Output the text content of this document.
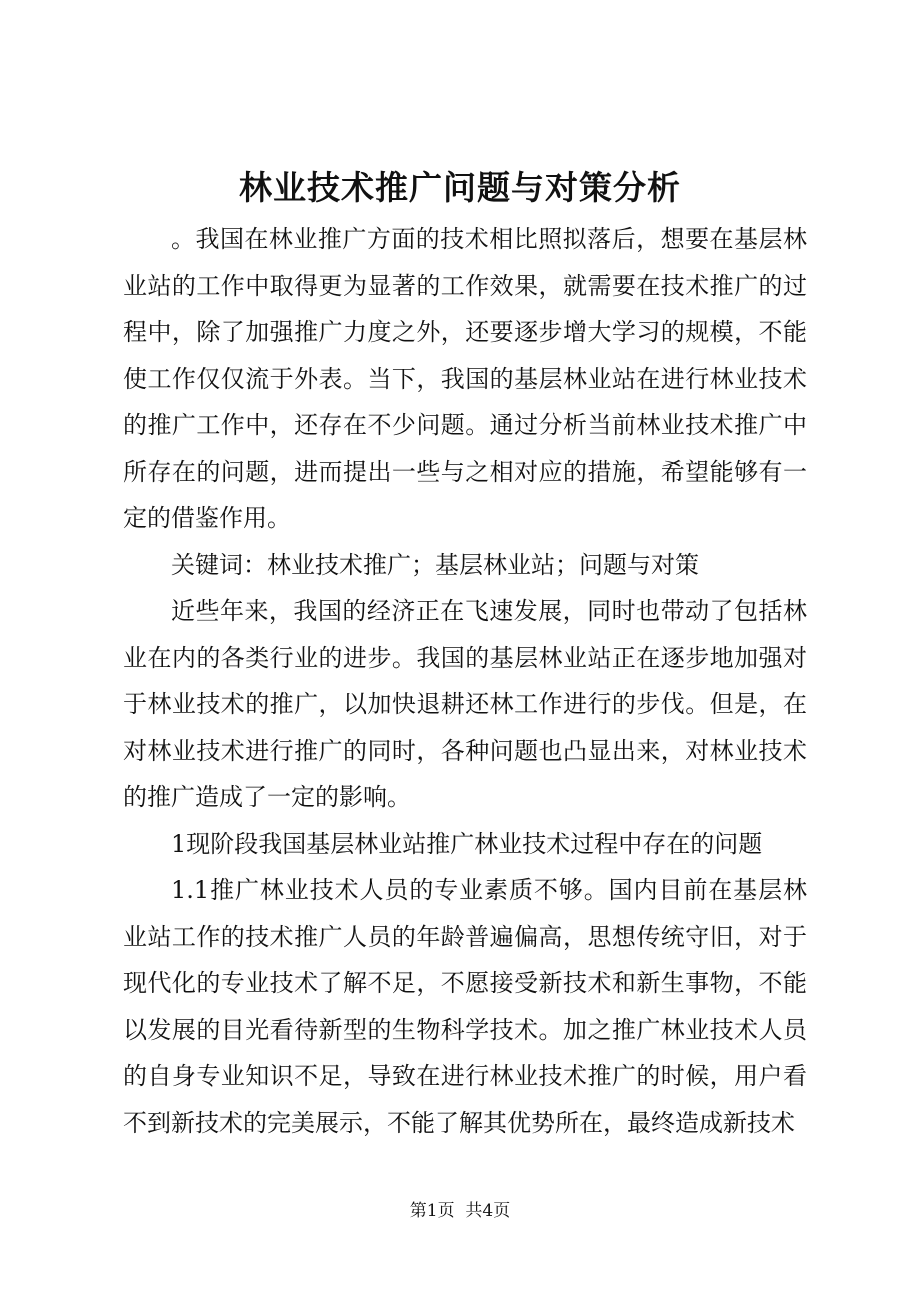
林业技术推广问题与对策分析

。我国在林业推广方面的技术相比照拟落后，想要在基层林业站的工作中取得更为显著的工作效果，就需要在技术推广的过程中，除了加强推广力度之外，还要逐步增大学习的规模，不能使工作仅仅流于外表。当下，我国的基层林业站在进行林业技术的推广工作中，还存在不少问题。通过分析当前林业技术推广中所存在的问题，进而提出一些与之相对应的措施，希望能够有一定的借鉴作用。

关键词：林业技术推广；基层林业站；问题与对策

近些年来，我国的经济正在飞速发展，同时也带动了包括林业在内的各类行业的进步。我国的基层林业站正在逐步地加强对于林业技术的推广，以加快退耕还林工作进行的步伐。但是，在对林业技术进行推广的同时，各种问题也凸显出来，对林业技术的推广造成了一定的影响。

1现阶段我国基层林业站推广林业技术过程中存在的问题

1.1推广林业技术人员的专业素质不够。国内目前在基层林业站工作的技术推广人员的年龄普遍偏高，思想传统守旧，对于现代化的专业技术了解不足，不愿接受新技术和新生事物，不能以发展的目光看待新型的生物科学技术。加之推广林业技术人员的自身专业知识不足，导致在进行林业技术推广的时候，用户看不到新技术的完美展示，不能了解其优势所在，最终造成新技术

第1页 共4页
